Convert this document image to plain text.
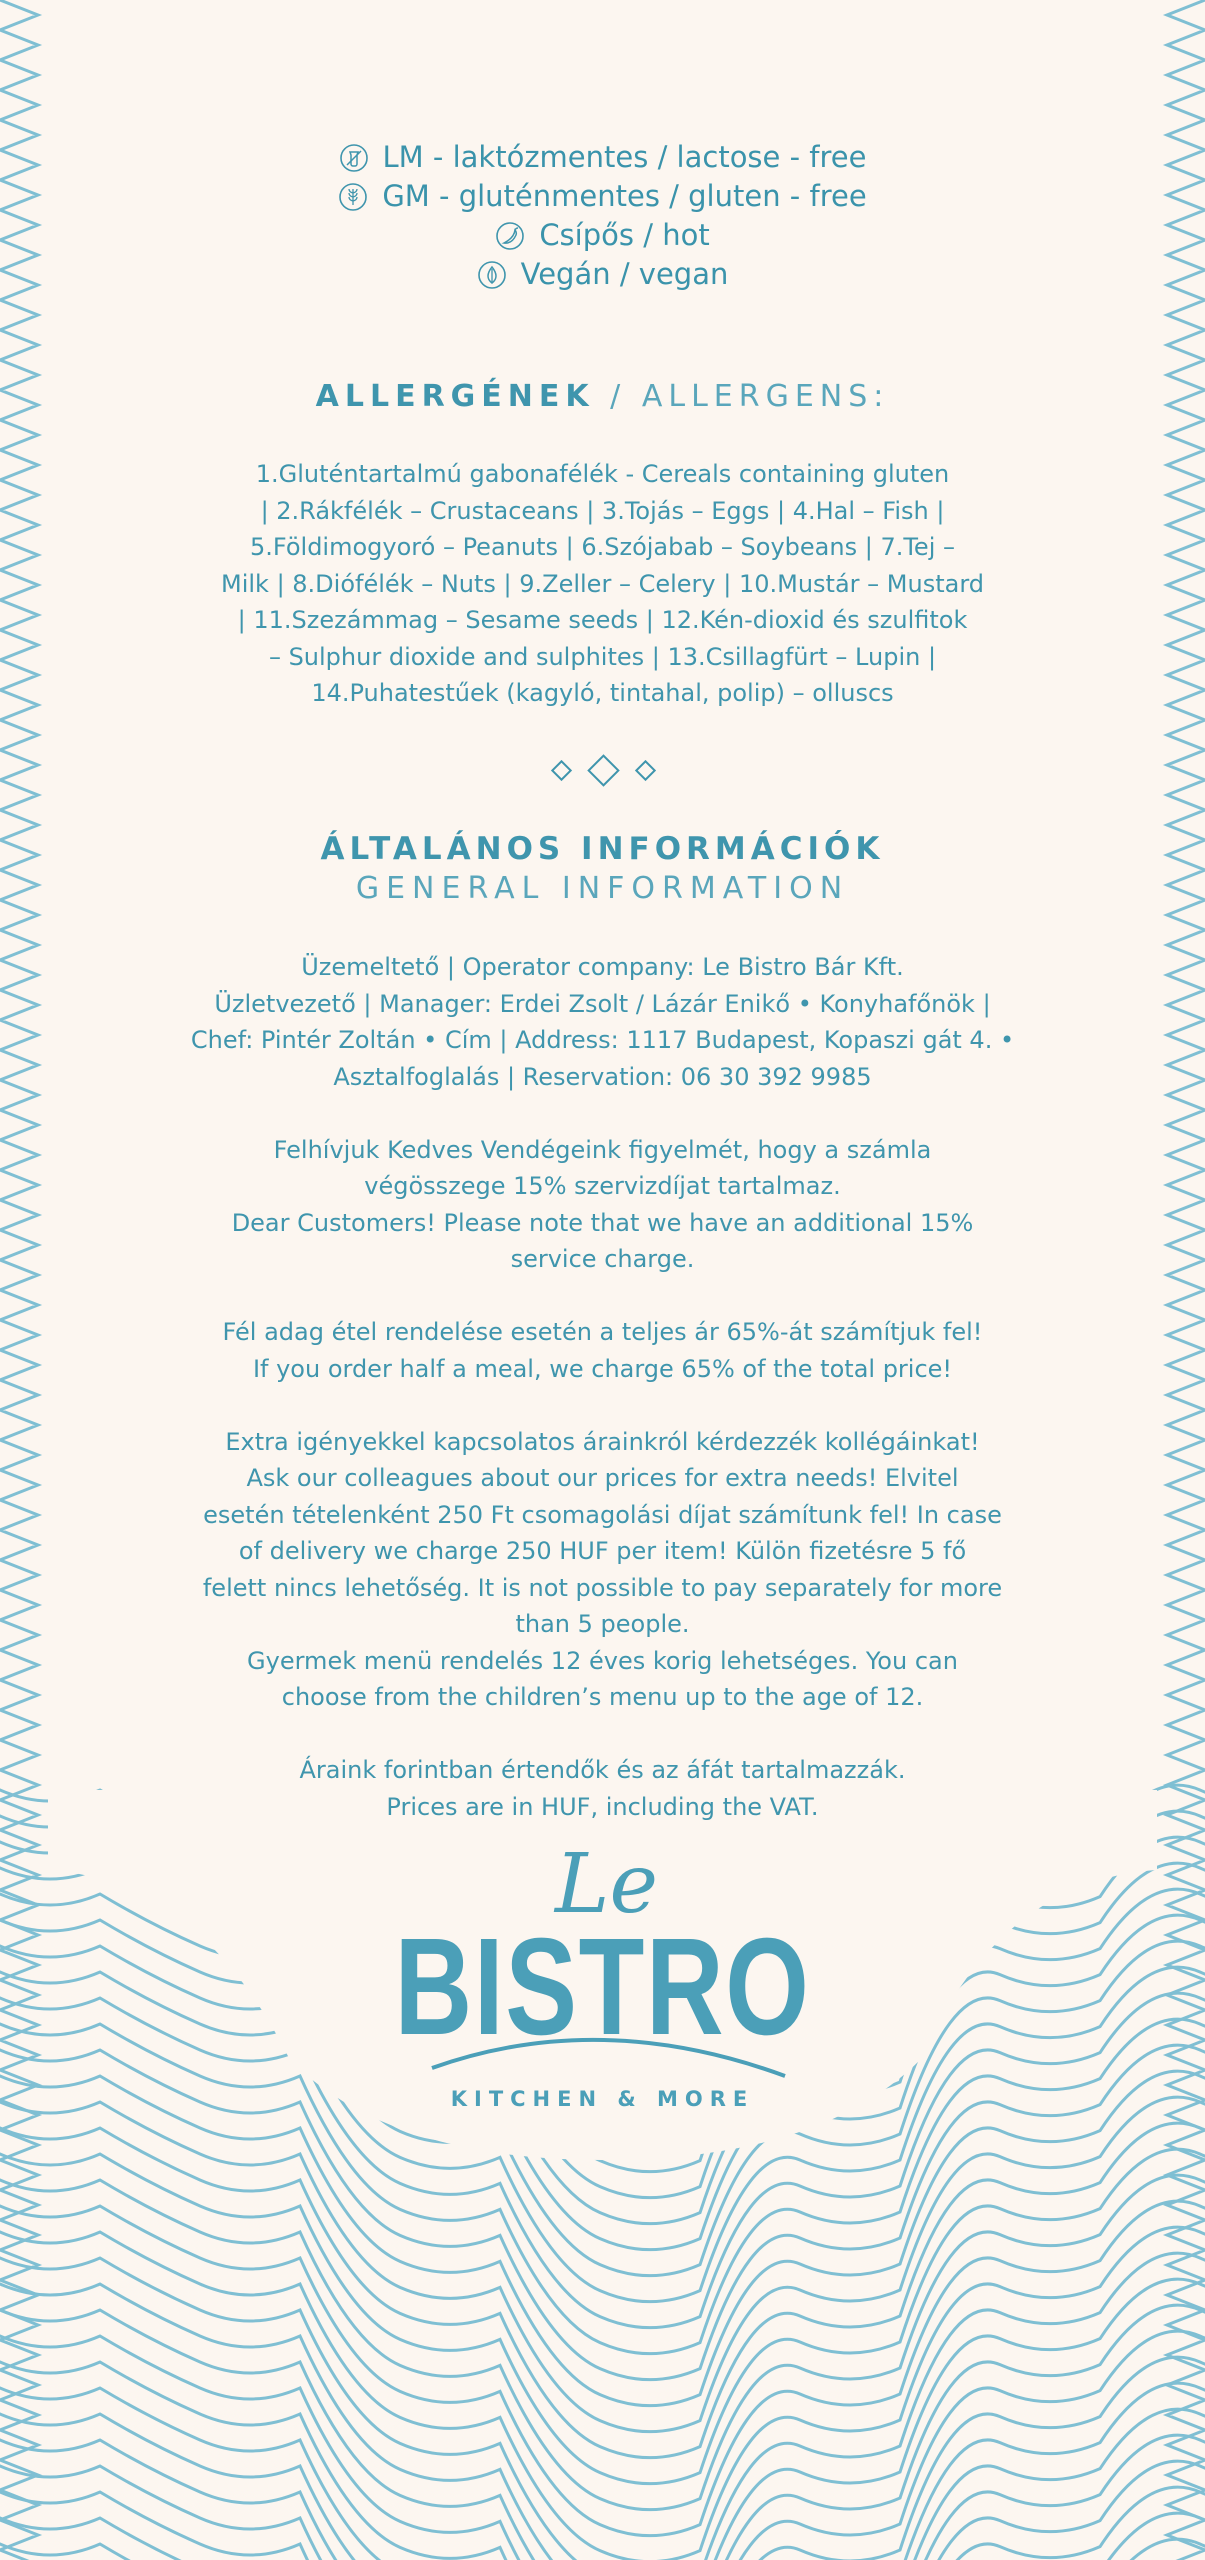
LM - laktózmentes / lactose - free
GM - gluténmentes / gluten - free
Csípős / hot
Vegán / vegan
ALLERGÉNEK / ALLERGENS:
1.Gluténtartalmú gabonafélék - Cereals containing gluten
| 2.Rákfélék – Crustaceans | 3.Tojás – Eggs | 4.Hal – Fish |
5.Földimogyoró – Peanuts | 6.Szójabab – Soybeans | 7.Tej –
Milk | 8.Diófélék – Nuts | 9.Zeller – Celery | 10.Mustár – Mustard
| 11.Szezámmag – Sesame seeds | 12.Kén-dioxid és szulfitok
– Sulphur dioxide and sulphites | 13.Csillagfürt – Lupin |
14.Puhatestűek (kagyló, tintahal, polip) – olluscs
ÁLTALÁNOS INFORMÁCIÓK
GENERAL INFORMATION
Üzemeltető | Operator company: Le Bistro Bár Kft.
Üzletvezető | Manager: Erdei Zsolt / Lázár Enikő • Konyhafőnök |
Chef: Pintér Zoltán • Cím | Address: 1117 Budapest, Kopaszi gát 4. •
Asztalfoglalás | Reservation: 06 30 392 9985
Felhívjuk Kedves Vendégeink figyelmét, hogy a számla
végösszege 15% szervizdíjat tartalmaz.
Dear Customers! Please note that we have an additional 15%
service charge.
Fél adag étel rendelése esetén a teljes ár 65%-át számítjuk fel!
If you order half a meal, we charge 65% of the total price!
Extra igényekkel kapcsolatos árainkról kérdezzék kollégáinkat!
Ask our colleagues about our prices for extra needs! Elvitel
esetén tételenként 250 Ft csomagolási díjat számítunk fel! In case
of delivery we charge 250 HUF per item! Külön fizetésre 5 fő
felett nincs lehetőség. It is not possible to pay separately for more
than 5 people.
Gyermek menü rendelés 12 éves korig lehetséges. You can
choose from the children’s menu up to the age of 12.
Áraink forintban értendők és az áfát tartalmazzák.
Prices are in HUF, including the VAT.
Le
BISTRO
KITCHEN & MORE
